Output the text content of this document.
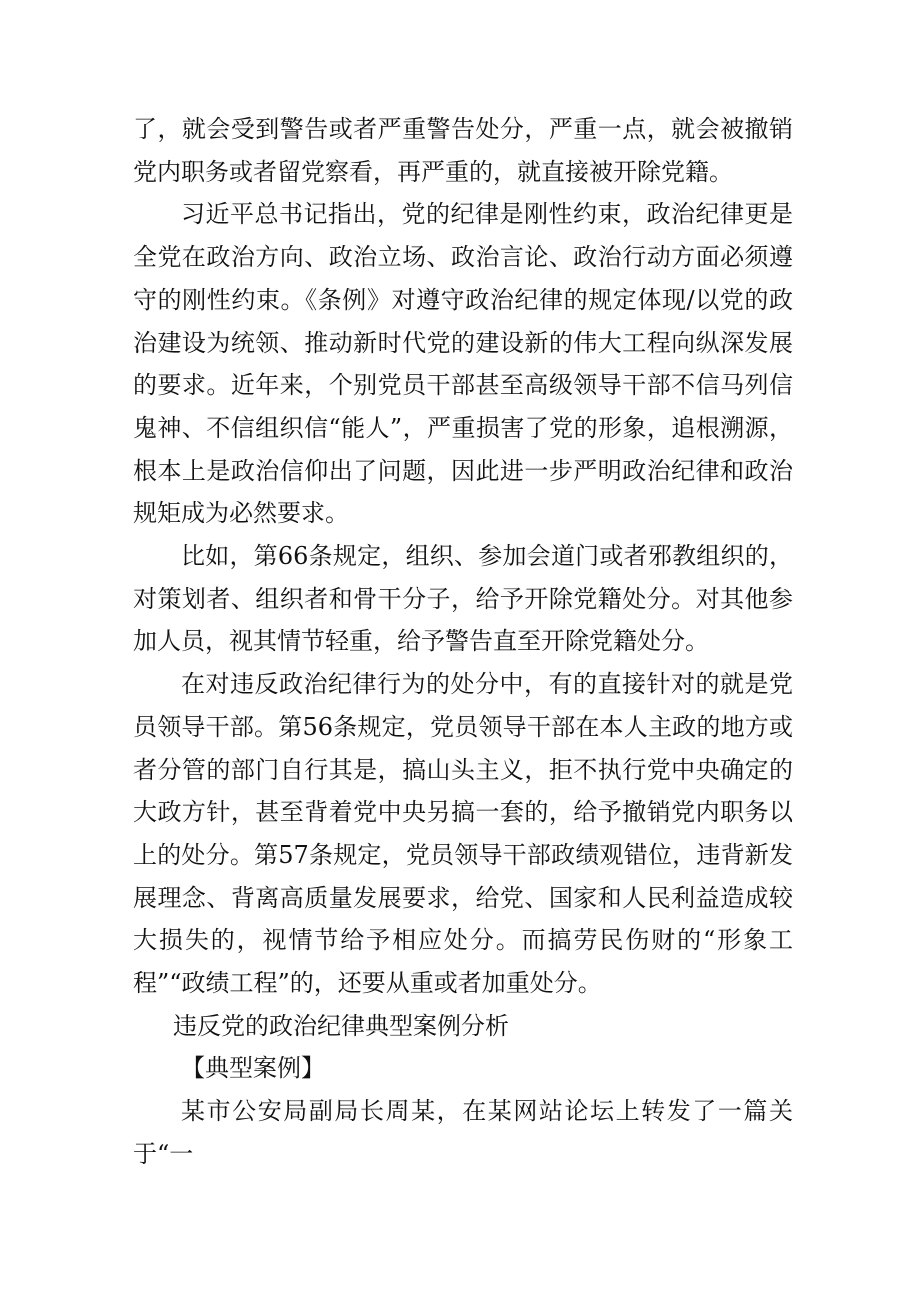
了，就会受到警告或者严重警告处分，严重一点，就会被撤销党内职务或者留党察看，再严重的，就直接被开除党籍。

习近平总书记指出，党的纪律是刚性约束，政治纪律更是全党在政治方向、政治立场、政治言论、政治行动方面必须遵守的刚性约束。《条例》对遵守政治纪律的规定体现/以党的政治建设为统领、推动新时代党的建设新的伟大工程向纵深发展的要求。近年来，个别党员干部甚至高级领导干部不信马列信鬼神、不信组织信“能人”，严重损害了党的形象，追根溯源，根本上是政治信仰出了问题，因此进一步严明政治纪律和政治规矩成为必然要求。

比如，第66条规定，组织、参加会道门或者邪教组织的，对策划者、组织者和骨干分子，给予开除党籍处分。对其他参加人员，视其情节轻重，给予警告直至开除党籍处分。

在对违反政治纪律行为的处分中，有的直接针对的就是党员领导干部。第56条规定，党员领导干部在本人主政的地方或者分管的部门自行其是，搞山头主义，拒不执行党中央确定的大政方针，甚至背着党中央另搞一套的，给予撤销党内职务以上的处分。第57条规定，党员领导干部政绩观错位，违背新发展理念、背离高质量发展要求，给党、国家和人民利益造成较大损失的，视情节给予相应处分。而搞劳民伤财的“形象工程”“政绩工程”的，还要从重或者加重处分。

违反党的政治纪律典型案例分析

【典型案例】

某市公安局副局长周某，在某网站论坛上转发了一篇关于“一
